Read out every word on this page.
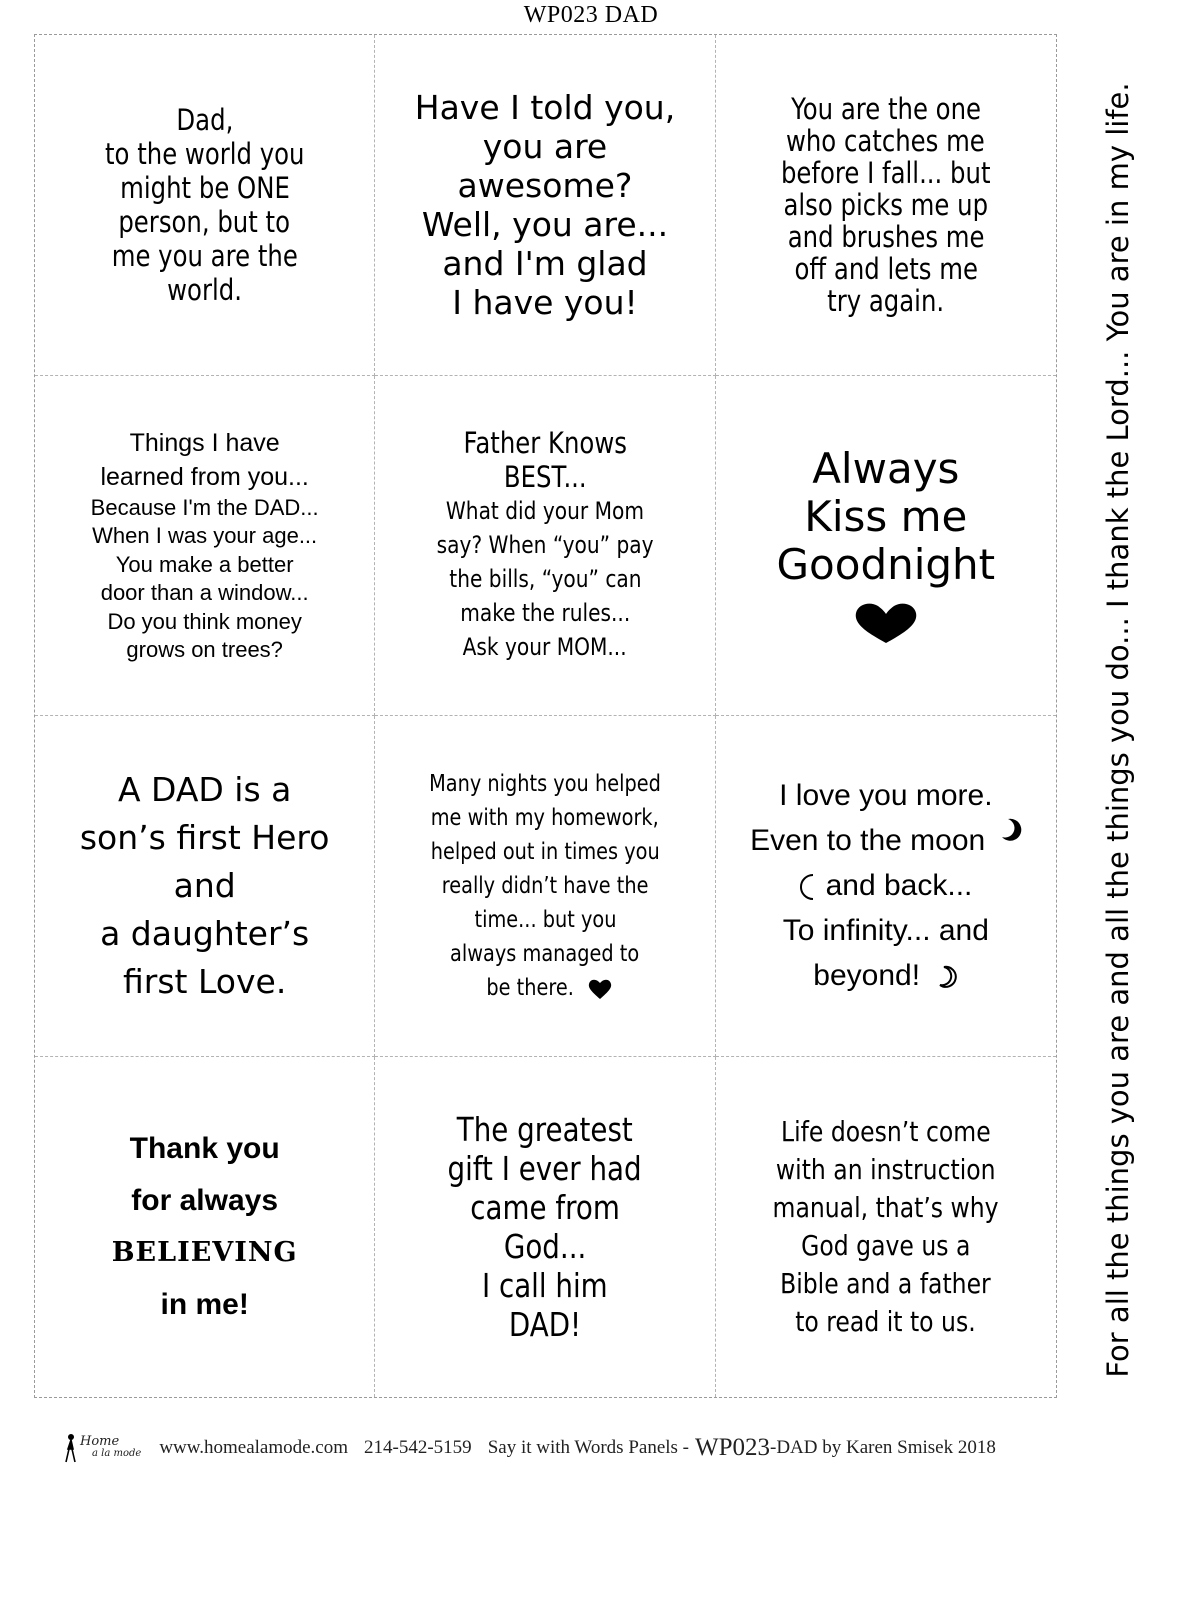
WP023 DAD
Dad,
to the world you
might be ONE
person, but to
me you are the
world.
Have I told you,
you are
awesome?
Well, you are...
and I'm glad
I have you!
You are the one
who catches me
before I fall... but
also picks me up
and brushes me
off and lets me
try again.
Things I have
learned from you...
Because I'm the DAD...
When I was your age...
You make a better
door than a window...
Do you think money
grows on trees?
Father Knows
BEST...
What did your Mom
say? When “you” pay
the bills, “you” can
make the rules...
Ask your MOM...
Always
Kiss me
Goodnight
A DAD is a
son’s first Hero
and
a daughter’s
first Love.
Many nights you helped
me with my homework,
helped out in times you
really didn’t have the
time... but you
always managed to
be there.
I love you more.
Even to the moon
and back...
To infinity... and
beyond!
Thank you
for always
BELIEVING
in me!
The greatest
gift I ever had
came from
God...
I call him
DAD!
Life doesn’t come
with an instruction
manual, that’s why
God gave us a
Bible and a father
to read it to us.	For all the things you are and all the things you do... I thank the Lord... You are in my life.
Home
a la mode www.homealamode.com 214-542-5159 Say it with Words Panels - WP023 -DAD by Karen Smisek 2018
